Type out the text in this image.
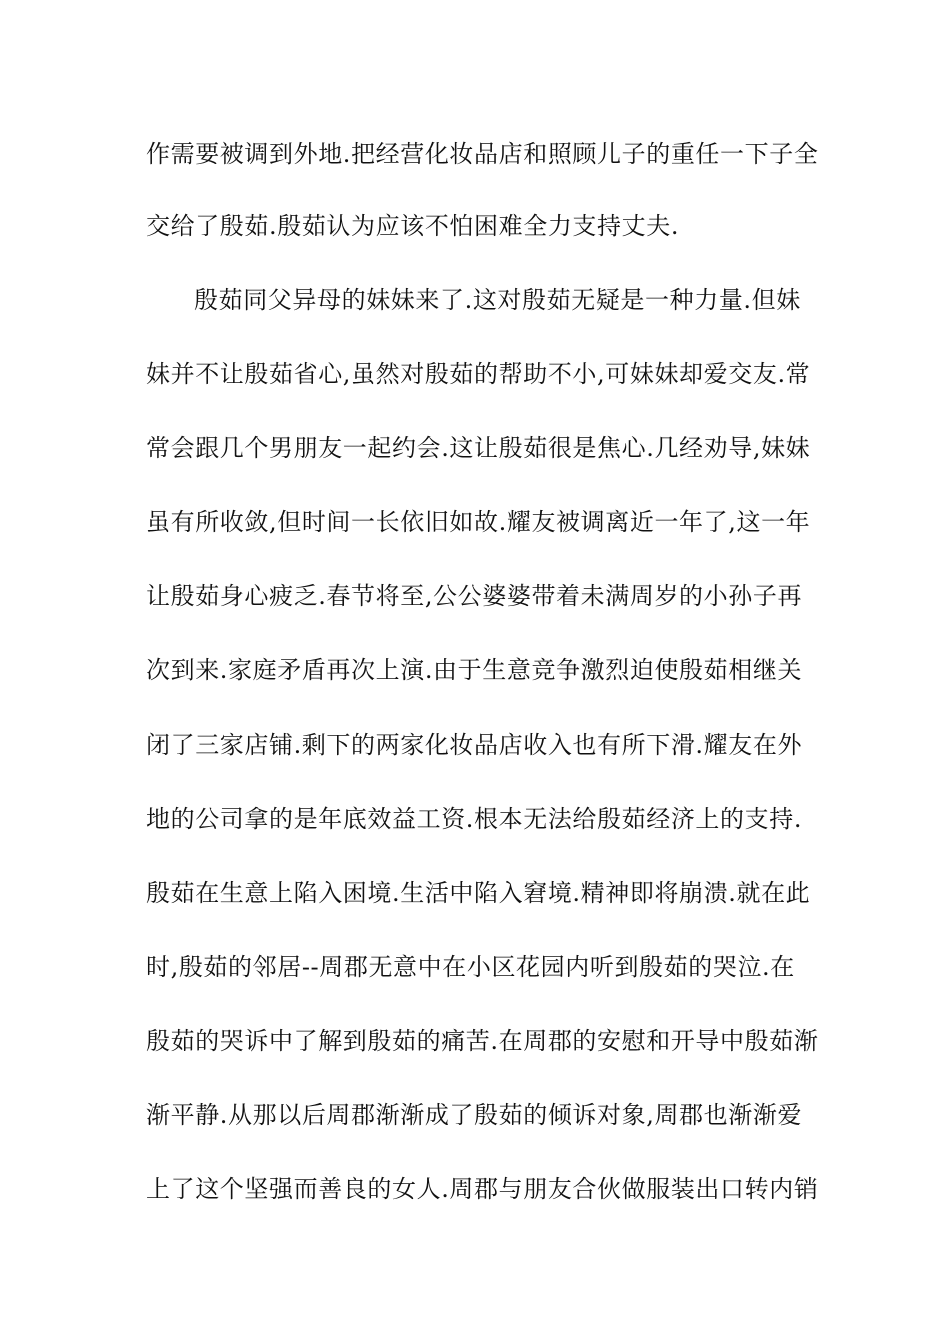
作需要被调到外地.把经营化妆品店和照顾儿子的重任一下子全
交给了殷茹.殷茹认为应该不怕困难全力支持丈夫.
殷茹同父异母的妹妹来了.这对殷茹无疑是一种力量.但妹
妹并不让殷茹省心,虽然对殷茹的帮助不小,可妹妹却爱交友.常
常会跟几个男朋友一起约会.这让殷茹很是焦心.几经劝导,妹妹
虽有所收敛,但时间一长依旧如故.耀友被调离近一年了,这一年
让殷茹身心疲乏.春节将至,公公婆婆带着未满周岁的小孙子再
次到来.家庭矛盾再次上演.由于生意竞争激烈迫使殷茹相继关
闭了三家店铺.剩下的两家化妆品店收入也有所下滑.耀友在外
地的公司拿的是年底效益工资.根本无法给殷茹经济上的支持.
殷茹在生意上陷入困境.生活中陷入窘境.精神即将崩溃.就在此
时,殷茹的邻居--周郡无意中在小区花园内听到殷茹的哭泣.在
殷茹的哭诉中了解到殷茹的痛苦.在周郡的安慰和开导中殷茹渐
渐平静.从那以后周郡渐渐成了殷茹的倾诉对象,周郡也渐渐爱
上了这个坚强而善良的女人.周郡与朋友合伙做服装出口转内销
